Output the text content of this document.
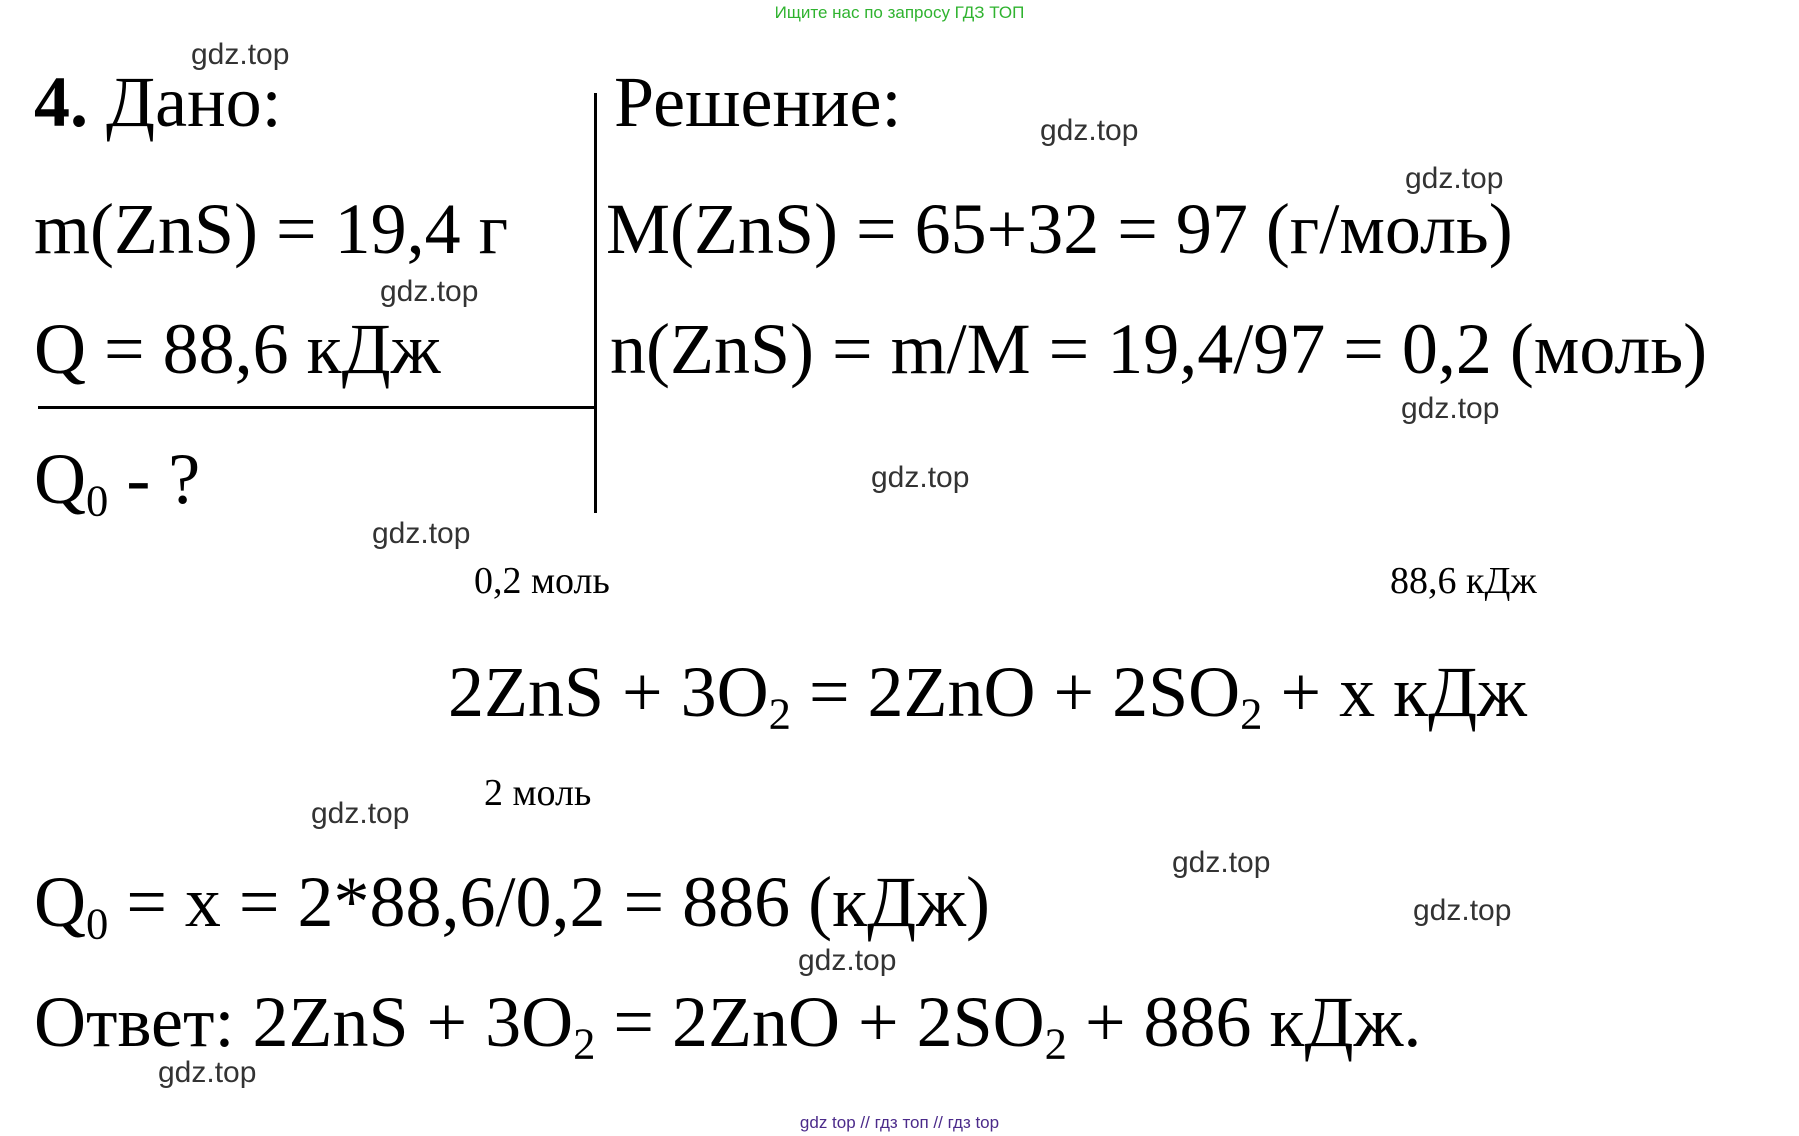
Ищите нас по запросу ГДЗ ТОП
4. Дано:
m(ZnS) = 19,4 г
Q = 88,6 кДж
$Q_0$ - ?
Решение:
M(ZnS) = 65+32 = 97 (г/моль)
n(ZnS) = m/M = 19,4/97 = 0,2 (моль)
0,2 моль	88,6 кДж
$2ZnS + 3O_2 = 2ZnO + 2SO_2 + x$ кДж
2 моль
$Q_0 = x = 2*88,6/0,2 = 886$ (кДж)
Ответ: $2ZnS + 3O_2 = 2ZnO + 2SO_2 + 886$ кДж.
gdz.top
gdz.top
gdz.top
gdz.top
gdz.top
gdz.top
gdz.top
gdz.top
gdz.top
gdz.top
gdz.top
gdz.top
gdz top // гдз топ // гдз top
